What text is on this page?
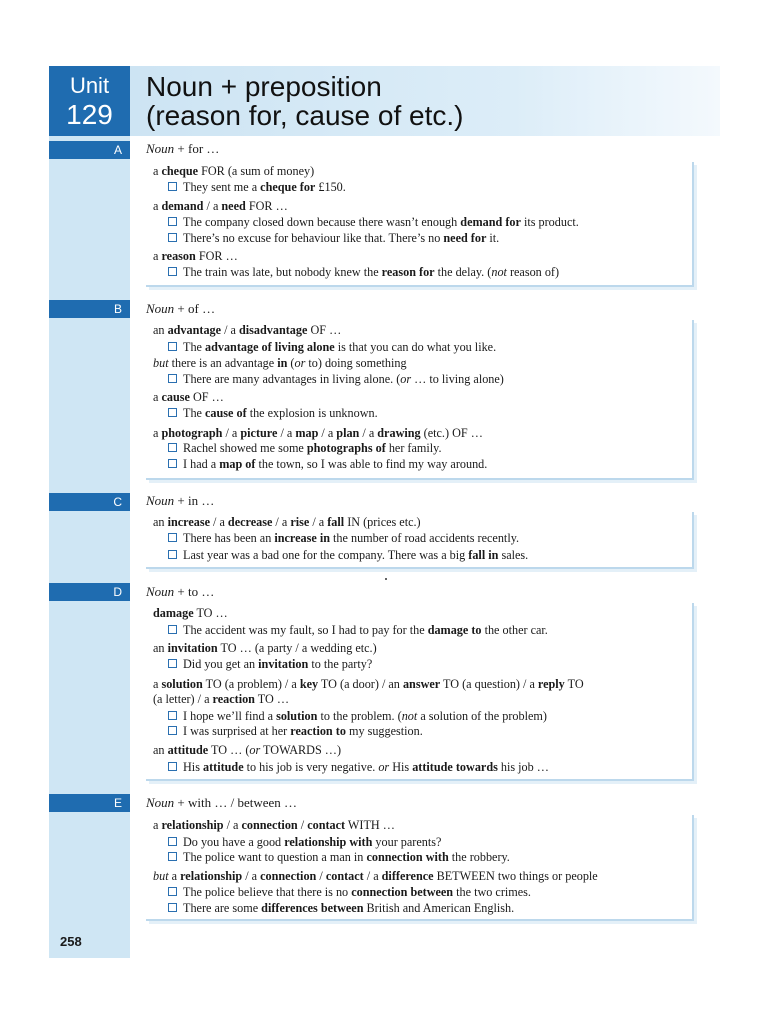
Unit
129
Noun + preposition
(reason for, cause of etc.)
A	Noun + for …
a cheque FOR (a sum of money)
They sent me a cheque for £150.
a demand / a need FOR …
The company closed down because there wasn’t enough demand for its product.
There’s no excuse for behaviour like that. There’s no need for it.
a reason FOR …
The train was late, but nobody knew the reason for the delay. (not reason of)
B	Noun + of …
an advantage / a disadvantage OF …
The advantage of living alone is that you can do what you like.
but there is an advantage in (or to) doing something
There are many advantages in living alone. (or … to living alone)
a cause OF …
The cause of the explosion is unknown.
a photograph / a picture / a map / a plan / a drawing (etc.) OF …
Rachel showed me some photographs of her family.
I had a map of the town, so I was able to find my way around.
C	Noun + in …
an increase / a decrease / a rise / a fall IN (prices etc.)
There has been an increase in the number of road accidents recently.
Last year was a bad one for the company. There was a big fall in sales.
D	Noun + to …
damage TO …
The accident was my fault, so I had to pay for the damage to the other car.
an invitation TO … (a party / a wedding etc.)
Did you get an invitation to the party?
a solution TO (a problem) / a key TO (a door) / an answer TO (a question) / a reply TO
(a letter) / a reaction TO …
I hope we’ll find a solution to the problem. (not a solution of the problem)
I was surprised at her reaction to my suggestion.
an attitude TO … (or TOWARDS …)
His attitude to his job is very negative. or His attitude towards his job …
E	Noun + with … / between …
a relationship / a connection / contact WITH …
Do you have a good relationship with your parents?
The police want to question a man in connection with the robbery.
but a relationship / a connection / contact / a difference BETWEEN two things or people
The police believe that there is no connection between the two crimes.
There are some differences between British and American English.
258
